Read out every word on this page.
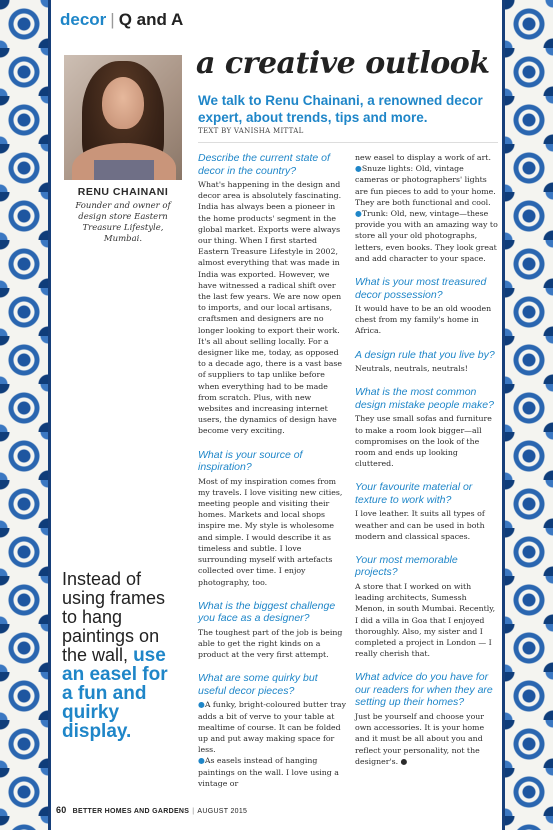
decor | Q and A
RENU CHAINANI
Founder and owner of design store Eastern Treasure Lifestyle, Mumbai.
a creative outlook
We talk to Renu Chainani, a renowned decor expert, about trends, tips and more.
TEXT BY VANISHA MITTAL

Describe the current state of decor in the country?

What's happening in the design and decor area is absolutely fascinating. India has always been a pioneer in the home products' segment in the global market. Exports were always our thing. When I first started Eastern Treasure Lifestyle in 2002, almost everything that was made in India was exported. However, we have witnessed a radical shift over the last few years. We are now open to imports, and our local artisans, craftsmen and designers are no longer looking to export their work. It's all about selling locally. For a designer like me, today, as opposed to a decade ago, there is a vast base of suppliers to tap unlike before when everything had to be made from scratch. Plus, with new websites and increasing internet users, the dynamics of design have become very exciting.

What is your source of inspiration?

Most of my inspiration comes from my travels. I love visiting new cities, meeting people and visiting their homes. Markets and local shops inspire me. My style is wholesome and simple. I would describe it as timeless and subtle. I love surrounding myself with artefacts collected over time. I enjoy photography, too.

What is the biggest challenge you face as a designer?

The toughest part of the job is being able to get the right kinds on a product at the very first attempt.

What are some quirky but useful decor pieces?

● A funky, bright-coloured butter tray adds a bit of verve to your table at mealtime of course. It can be folded up and put away making space for less.

● As easels instead of hanging paintings on the wall. I love using a vintage or

new easel to display a work of art.

● Snuze lights: Old, vintage cameras or photographers' lights are fun pieces to add to your home. They are both functional and cool.

● Trunk: Old, new, vintage—these provide you with an amazing way to store all your old photographs, letters, even books. They look great and add character to your space.

What is your most treasured decor possession?

It would have to be an old wooden chest from my family's home in Africa.

A design rule that you live by?

Neutrals, neutrals, neutrals!

What is the most common design mistake people make?

They use small sofas and furniture to make a room look bigger—all compromises on the look of the room and ends up looking cluttered.

Your favourite material or texture to work with?

I love leather. It suits all types of weather and can be used in both modern and classical spaces.

Your most memorable projects?

A store that I worked on with leading architects, Sumessh Menon, in south Mumbai. Recently, I did a villa in Goa that I enjoyed thoroughly. Also, my sister and I completed a project in London — I really cherish that.

What advice do you have for our readers for when they are setting up their homes?

Just be yourself and choose your own accessories. It is your home and it must be all about you and reflect your personality, not the designer's. ●

Instead of using frames to hang paintings on the wall, use an easel for a fun and quirky display.
60 BETTER HOMES AND GARDENS | AUGUST 2015
